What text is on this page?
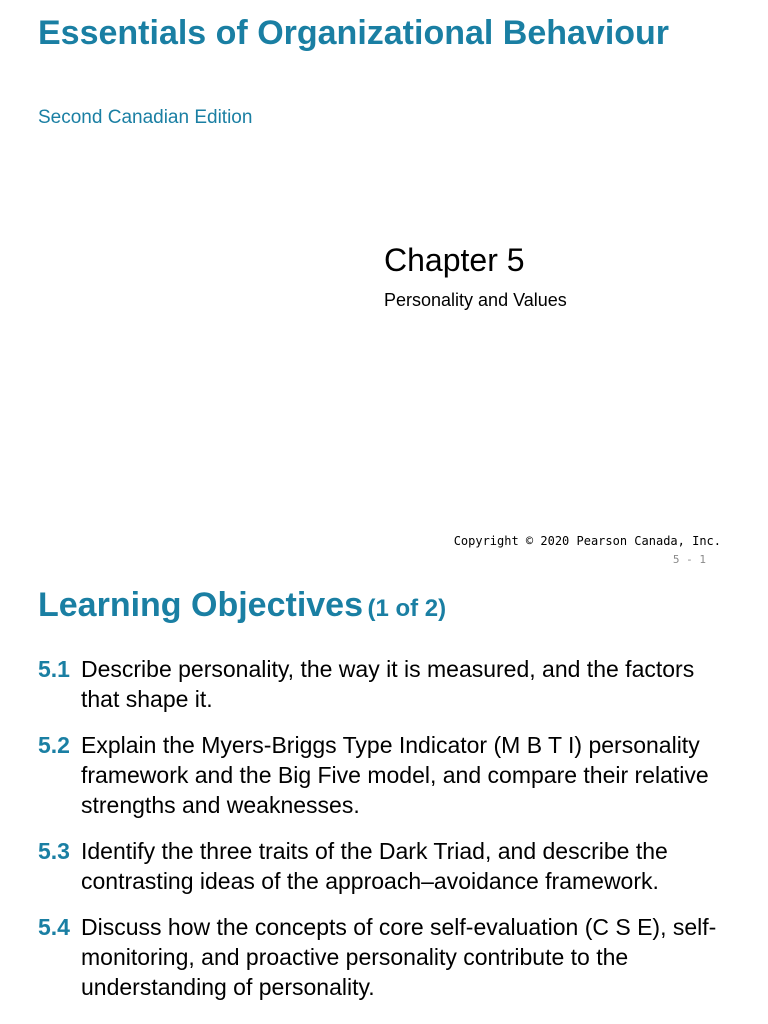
Essentials of Organizational Behaviour
Second Canadian Edition
Chapter 5
Personality and Values
Copyright © 2020 Pearson Canada, Inc.
5 - 1
Learning Objectives (1 of 2)
5.1 Describe personality, the way it is measured, and the factors that shape it.
5.2 Explain the Myers-Briggs Type Indicator (M B T I) personality framework and the Big Five model, and compare their relative strengths and weaknesses.
5.3 Identify the three traits of the Dark Triad, and describe the contrasting ideas of the approach–avoidance framework.
5.4 Discuss how the concepts of core self-evaluation (C S E), self-monitoring, and proactive personality contribute to the understanding of personality.
